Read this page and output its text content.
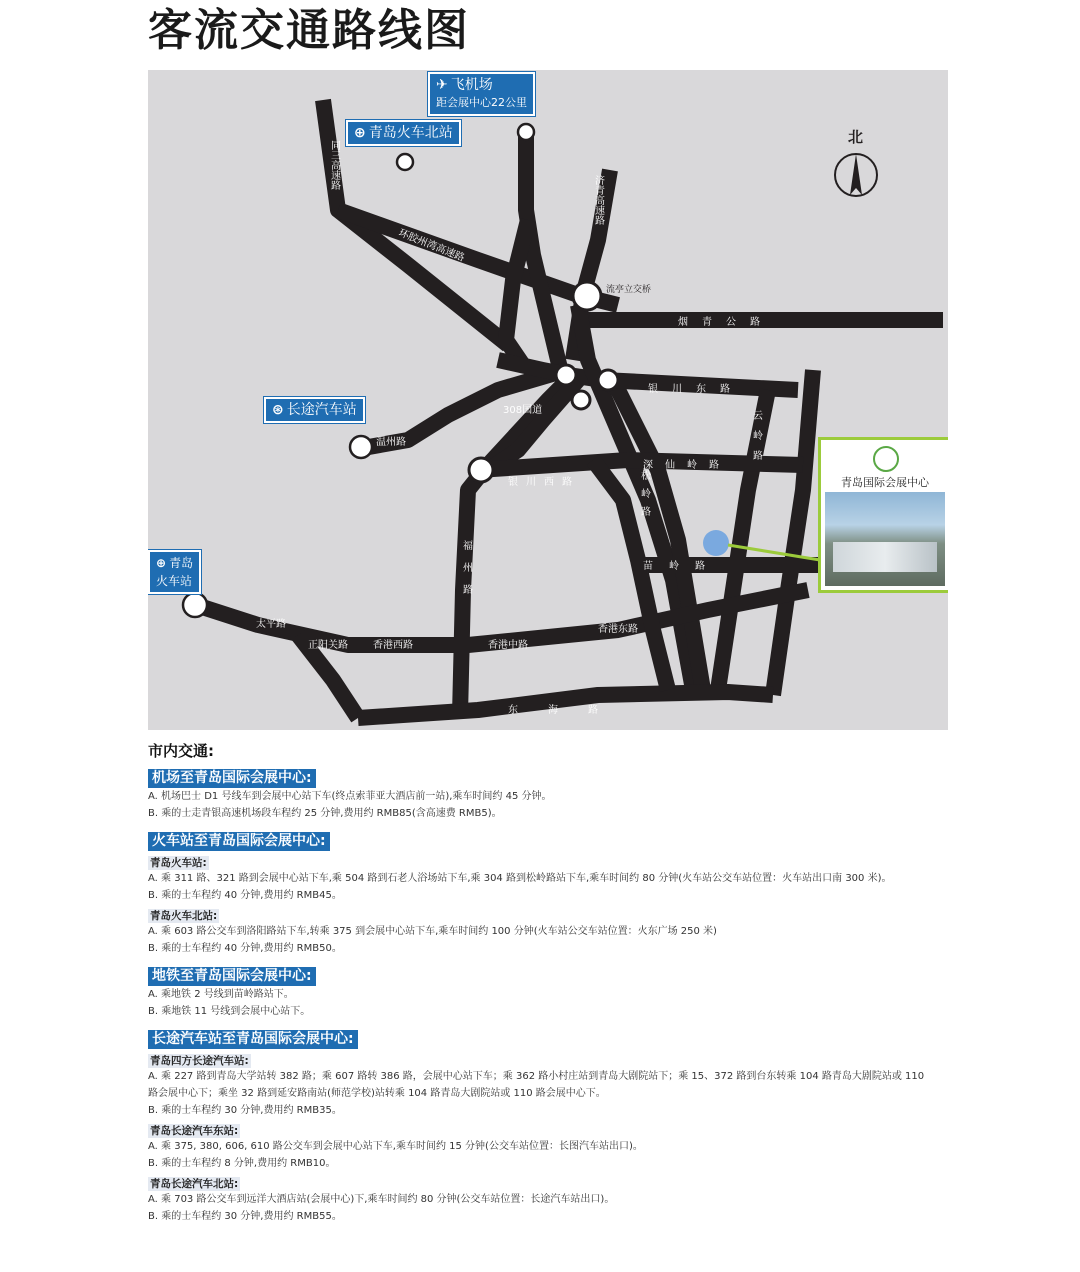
客流交通路线图
同三高速路
环胶州湾高速路
济青高速路
烟青公路
银川东路
深仙岭路
银川西路
苗岭路
香港西路	香港中路
香港东路
正阳关路
太平路
东海路
福州路
松岭路
云岭路
温州路
308国道
流亭立交桥
✈ 飞机场
距会展中心22公里
⊕ 青岛火车北站
⊛ 长途汽车站
⊕ 青岛
火车站
北
青岛国际会展中心

市内交通:

机场至青岛国际会展中心:

A. 机场巴士 D1 号线车到会展中心站下车(终点索菲亚大酒店前一站),乘车时间约 45 分钟。

B. 乘的士走青银高速机场段车程约 25 分钟,费用约 RMB85(含高速费 RMB5)。

火车站至青岛国际会展中心:
青岛火车站:

A. 乘 311 路、321 路到会展中心站下车,乘 504 路到石老人浴场站下车,乘 304 路到松岭路站下车,乘车时间约 80 分钟(火车站公交车站位置：火车站出口南 300 米)。

B. 乘的士车程约 40 分钟,费用约 RMB45。

青岛火车北站:

A. 乘 603 路公交车到洛阳路站下车,转乘 375 到会展中心站下车,乘车时间约 100 分钟(火车站公交车站位置：火东广场 250 米)

B. 乘的士车程约 40 分钟,费用约 RMB50。

地铁至青岛国际会展中心:

A. 乘地铁 2 号线到苗岭路站下。

B. 乘地铁 11 号线到会展中心站下。

长途汽车站至青岛国际会展中心:
青岛四方长途汽车站:

A. 乘 227 路到青岛大学站转 382 路；乘 607 路转 386 路，会展中心站下车；乘 362 路小村庄站到青岛大剧院站下；乘 15、372 路到台东转乘 104 路青岛大剧院站或 110

路会展中心下；乘坐 32 路到延安路南站(师范学校)站转乘 104 路青岛大剧院站或 110 路会展中心下。

B. 乘的士车程约 30 分钟,费用约 RMB35。

青岛长途汽车东站:

A. 乘 375, 380, 606, 610 路公交车到会展中心站下车,乘车时间约 15 分钟(公交车站位置：长图汽车站出口)。

B. 乘的士车程约 8 分钟,费用约 RMB10。

青岛长途汽车北站:

A. 乘 703 路公交车到远洋大酒店站(会展中心)下,乘车时间约 80 分钟(公交车站位置：长途汽车站出口)。

B. 乘的士车程约 30 分钟,费用约 RMB55。
